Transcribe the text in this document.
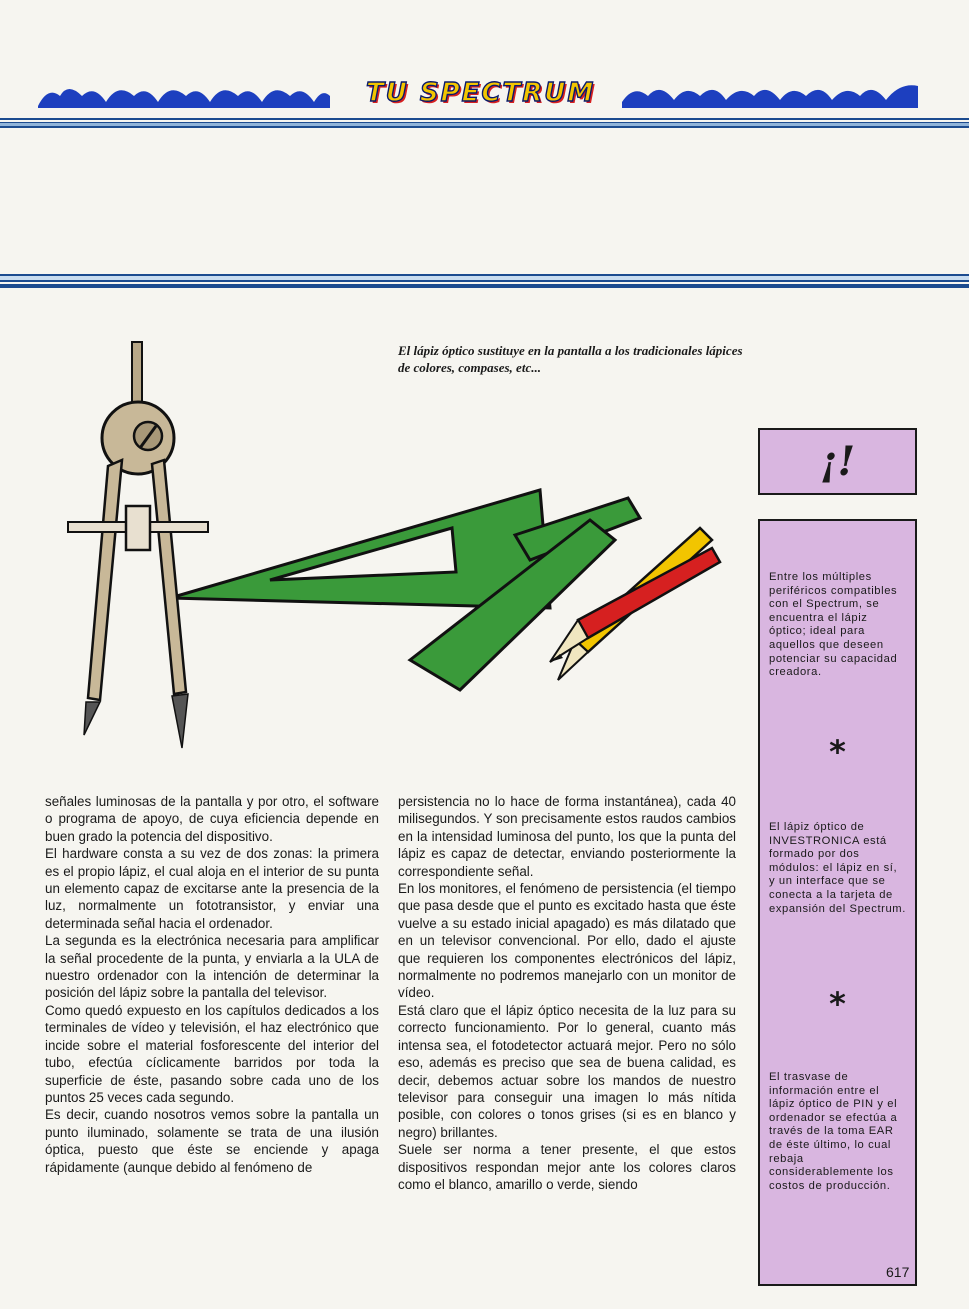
TU SPECTRUM
El lápiz óptico sustituye en la pantalla a los tradicionales lápices de colores, compases, etc...

señales luminosas de la pantalla y por otro, el software o programa de apoyo, de cuya eficiencia depende en buen grado la potencia del dispositivo.

El hardware consta a su vez de dos zonas: la primera es el propio lápiz, el cual aloja en el interior de su punta un elemento capaz de excitarse ante la presencia de la luz, normalmente un fototransistor, y enviar una determinada señal hacia el ordenador.

La segunda es la electrónica necesaria para amplificar la señal procedente de la punta, y enviarla a la ULA de nuestro ordenador con la intención de determinar la posición del lápiz sobre la pantalla del televisor.

Como quedó expuesto en los capítulos dedicados a los terminales de vídeo y televisión, el haz electrónico que incide sobre el material fosforescente del interior del tubo, efectúa cíclicamente barridos por toda la superficie de éste, pasando sobre cada uno de los puntos 25 veces cada segundo.

Es decir, cuando nosotros vemos sobre la pantalla un punto iluminado, solamente se trata de una ilusión óptica, puesto que éste se enciende y apaga rápidamente (aunque debido al fenómeno de

persistencia no lo hace de forma instantánea), cada 40 milisegundos. Y son precisamente estos raudos cambios en la intensidad luminosa del punto, los que la punta del lápiz es capaz de detectar, enviando posteriormente la correspondiente señal.

En los monitores, el fenómeno de persistencia (el tiempo que pasa desde que el punto es excitado hasta que éste vuelve a su estado inicial apagado) es más dilatado que en un televisor convencional. Por ello, dado el ajuste que requieren los componentes electrónicos del lápiz, normalmente no podremos manejarlo con un monitor de vídeo.

Está claro que el lápiz óptico necesita de la luz para su correcto funcionamiento. Por lo general, cuanto más intensa sea, el fotodetector actuará mejor. Pero no sólo eso, además es preciso que sea de buena calidad, es decir, debemos actuar sobre los mandos de nuestro televisor para conseguir una imagen lo más nítida posible, con colores o tonos grises (si es en blanco y negro) brillantes.

Suele ser norma a tener presente, el que estos dispositivos respondan mejor ante los colores claros como el blanco, amarillo o verde, siendo

¡!
Entre los múltiples periféricos compatibles con el Spectrum, se encuentra el lápiz óptico; ideal para aquellos que deseen potenciar su capacidad creadora.
*
El lápiz óptico de INVESTRONICA está formado por dos módulos: el lápiz en sí, y un interface que se conecta a la tarjeta de expansión del Spectrum.
*
El trasvase de información entre el lápiz óptico de PIN y el ordenador se efectúa a través de la toma EAR de éste último, lo cual rebaja considerablemente los costos de producción.
617
